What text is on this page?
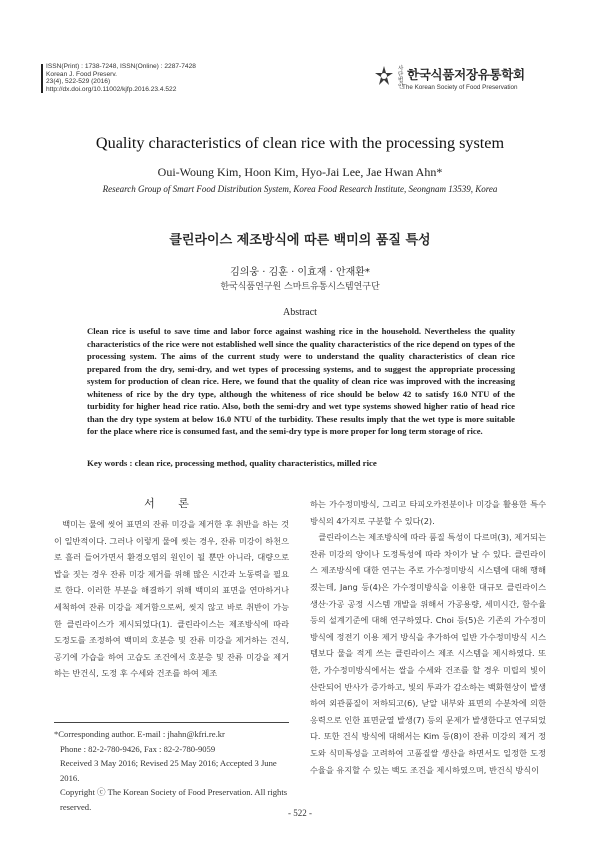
ISSN(Print) : 1738-7248, ISSN(Online) : 2287-7428
Korean J. Food Preserv.
23(4), 522-529 (2016)
http://dx.doi.org/10.11002/kjfp.2016.23.4.522
사단
법인
한국식품저장유통학회
The Korean Society of Food Preservation
Quality characteristics of clean rice with the processing system
Oui-Woung Kim, Hoon Kim, Hyo-Jai Lee, Jae Hwan Ahn*
Research Group of Smart Food Distribution System, Korea Food Research Institute, Seongnam 13539, Korea
클린라이스 제조방식에 따른 백미의 품질 특성
김의웅 · 김훈 · 이효재 · 안재환*
한국식품연구원 스마트유통시스템연구단
Abstract

Clean rice is useful to save time and labor force against washing rice in the household. Nevertheless the quality characteristics of the rice were not established well since the quality characteristics of the rice depend on types of the processing system. The aims of the current study were to understand the quality characteristics of clean rice prepared from the dry, semi-dry, and wet types of processing systems, and to suggest the appropriate processing system for production of clean rice. Here, we found that the quality of clean rice was improved with the increasing whiteness of rice by the dry type, although the whiteness of rice should be below 42 to satisfy 16.0 NTU of the turbidity for higher head rice ratio. Also, both the semi-dry and wet type systems showed higher ratio of head rice than the dry type system at below 16.0 NTU of the turbidity. These results imply that the wet type is more suitable for the place where rice is consumed fast, and the semi-dry type is more proper for long term storage of rice.

Key words : clean rice, processing method, quality characteristics, milled rice
서 론

백미는 물에 씻어 표면의 잔류 미강을 제거한 후 취반을 하는 것이 일반적이다. 그러나 이렇게 물에 씻는 경우, 잔류 미강이 하천으로 흘러 들어가면서 환경오염의 원인이 될 뿐만 아니라, 대량으로 밥을 짓는 경우 잔류 미강 제거를 위해 많은 시간과 노동력을 필요로 한다. 이러한 부분을 해결하기 위해 백미의 표면을 연마하거나 세척하여 잔류 미강을 제거함으로써, 씻지 않고 바로 취반이 가능한 클린라이스가 제시되었다(1). 클린라이스는 제조방식에 따라 도정도를 조정하여 백미의 호분층 및 잔류 미강을 제거하는 건식, 공기에 가습을 하여 고습도 조건에서 호분층 및 잔류 미강을 제거하는 반건식, 도정 후 수세와 건조를 하여 제조

하는 가수정미방식, 그리고 타피오카전분이나 미강을 활용한 특수방식의 4가지로 구분할 수 있다(2).

클린라이스는 제조방식에 따라 품질 특성이 다르며(3), 제거되는 잔류 미강의 양이나 도정특성에 따라 차이가 날 수 있다. 클린라이스 제조방식에 대한 연구는 주로 가수정미방식 시스템에 대해 행해졌는데, Jang 등(4)은 가수정미방식을 이용한 대규모 클린라이스 생산·가공 공정 시스템 개발을 위해서 가공용량, 세미시간, 함수율 등의 설계기준에 대해 연구하였다. Choi 등(5)은 기존의 가수정미방식에 정전기 이용 제거 방식을 추가하여 일반 가수정미방식 시스템보다 물을 적게 쓰는 클린라이스 제조 시스템을 제시하였다. 또한, 가수정미방식에서는 쌀을 수세와 건조를 할 경우 미립의 빛이 산란되어 반사가 증가하고, 빛의 투과가 감소하는 백화현상이 발생하여 외관품질이 저하되고(6), 낟알 내부와 표면의 수분차에 의한 응력으로 인한 표면균열 발생(7) 등의 문제가 발생한다고 연구되었다. 또한 건식 방식에 대해서는 Kim 등(8)이 잔류 미강의 제거 정도와 식미특성을 고려하여 고품질쌀 생산을 하면서도 일정한 도정수율을 유지할 수 있는 백도 조건을 제시하였으며, 반건식 방식이

*Corresponding author. E-mail : jhahn@kfri.re.kr
Phone : 82-2-780-9426, Fax : 82-2-780-9059
Received 3 May 2016; Revised 25 May 2016; Accepted 3 June 2016.
Copyright ⓒ The Korean Society of Food Preservation. All rights reserved.
- 522 -
